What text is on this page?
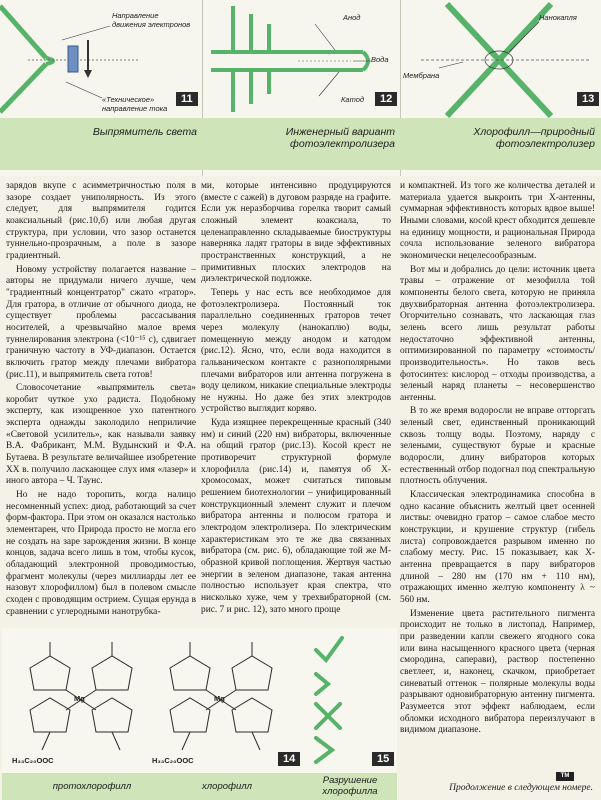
Направление движения электронов
«Техническое» направление тока
11
Выпрямитель света
Анод
Вода
Катод	12
Инженерный вариант фотоэлектролизера
Нанокапля
Мембрана
13
Хлорофилл—природный фотоэлектролизер

зарядов вкупе с асимметричностью поля в зазоре создает униполярность. Из этого следует, для выпрямителя годится коаксиальный (рис.10,б) или любая другая структура, при условии, что зазор останется туннельно-прозрачным, а поле в зазоре градиентный.

Новому устройству полагается название – авторы не придумали ничего лучше, чем "градиентный концентратор" сжато «гратор». Для гратора, в отличие от обычного диода, не существует проблемы рассасывания носителей, а чрезвычайно малое время туннелирования электрона (<10⁻¹⁵ с), сдвигает граничную частоту в УФ-диапазон. Остается включить гратор между плечами вибратора (рис.11), и выпрямитель света готов!

Словосочетание «выпрямитель света» коробит чуткое ухо радиста. Подобному эксперту, как изощренное ухо патентного эксперта однажды заколодило неприличие «Световой усилитель», как называли заявку В.А. Фабрикант, М.М. Вудынский и Ф.А. Бутаева. В результате величайшее изобретение XX в. получило ласкающее слух имя «лазер» и иного автора – Ч. Таунс.

Но не надо торопить, когда налицо несомненный успех: диод, работающий за счет форм-фактора. При этом он оказался настолько элементарен, что Природа просто не могла его не создать на заре зарождения жизни. В конце концов, задача всего лишь в том, чтобы кусок, обладающий электронной проводимостью, фрагмент молекулы (через миллиарды лет ее назовут хлорофиллом) был в полевом смысле сходен с проводящим острием. Сущая ерунда в сравнении с углеродными нанотрубка-

ми, которые интенсивно продуцируются (вместе с сажей) в дуговом разряде на графите. Если уж неразборчива горелка творит самый сложный элемент коаксиала, то целенаправленно складываемые биоструктуры наверняка ладят граторы в виде эффективных пространственных конструкций, а не примитивных плоских электродов на диэлектрической подложке.

Теперь у нас есть все необходимое для фотоэлектролизера. Постоянный ток параллельно соединенных граторов течет через молекулу (нанокаплю) воды, помещенную между анодом и катодом (рис.12). Ясно, что, если вода находится в гальваническом контакте с разнополярными плечами вибраторов или антенна погружена в воду целиком, никакие специальные электроды не нужны. Но даже без этих электродов устройство выглядит коряво.

Куда изящнее перекрещенные красный (340 нм) и синий (220 нм) вибраторы, включенные на общий гратор (рис.13). Косой крест не противоречит структурной формуле хлорофилла (рис.14) и, памятуя об Х-хромосомах, может считаться типовым решением биотехнологии – унифицированный конструкционный элемент служит и плечом вибратора антенны и полюсом гратора и электродом электролизера. По электрическим характеристикам это те же два связанных вибратора (см. рис. 6), обладающие той же М-образной кривой поглощения. Жертвуя частью энергии в зеленом диапазоне, такая антенна полностью использует края спектра, что нисколько хуже, чем у трехвибраторной (см. рис. 7 и рис. 12), зато много проще

и компактней. Из того же количества деталей и материала удается выкроить три Х-антенны, суммарная эффективность которых вдвое выше! Иными словами, косой крест обходится дешевле на единицу мощности, и рациональная Природа сочла использование зеленого вибратора экономически нецелесообразным.

Вот мы и добрались до цели: источник цвета травы – отражение от мезофилла той компоненты белого света, которую не приняла двухвибраторная антенна фотоэлектролизера. Огорчительно сознавать, что ласкающая глаз зелень всего лишь результат работы недостаточно эффективной антенны, оптимизированной по параметру «стоимость/ производительность». Но таков весь фотосинтез: кислород – отходы производства, а зеленый наряд планеты – несовершенство антенны.

В то же время водоросли не вправе отторгать зеленый свет, единственный проникающий сквозь толщу воды. Поэтому, наряду с зелеными, существуют бурые и красные водоросли, длину вибраторов которых естественный отбор подогнал под спектральную плотность облучения.

Классическая электродинамика способна в одно касание объяснить желтый цвет осенней листвы: очевидно гратор – самое слабое место конструкции, и крушение структур (гибель листа) сопровождается разрывом именно по слабому месту. Рис. 15 показывает, как Х-антенна превращается в пару вибраторов длиной – 280 нм (170 нм + 110 нм), отражающих именно желтую компоненту λ ~ 560 нм.

Изменение цвета растительного пигмента происходит не только в листопад. Например, при разведении капли свежего ягодного сока или вина насыщенного красного цвета (черная смородина, саперави), раствор постепенно светлеет, и, наконец, скачком, приобретает синеватый оттенок – полярные молекулы воды разрывают одновибраторную антенну пигмента. Разумеется этот эффект наблюдаем, если обломки исходного вибратора переизлучают в видимом диапазоне.

Mg	Mg
H₃₃C₂₀OOC	H₃₃C₂₀OOC	14	15
протохлорофилл	хлорофилл
Разрушение хлорофилла
ТМ
Продолжение в следующем номере.
